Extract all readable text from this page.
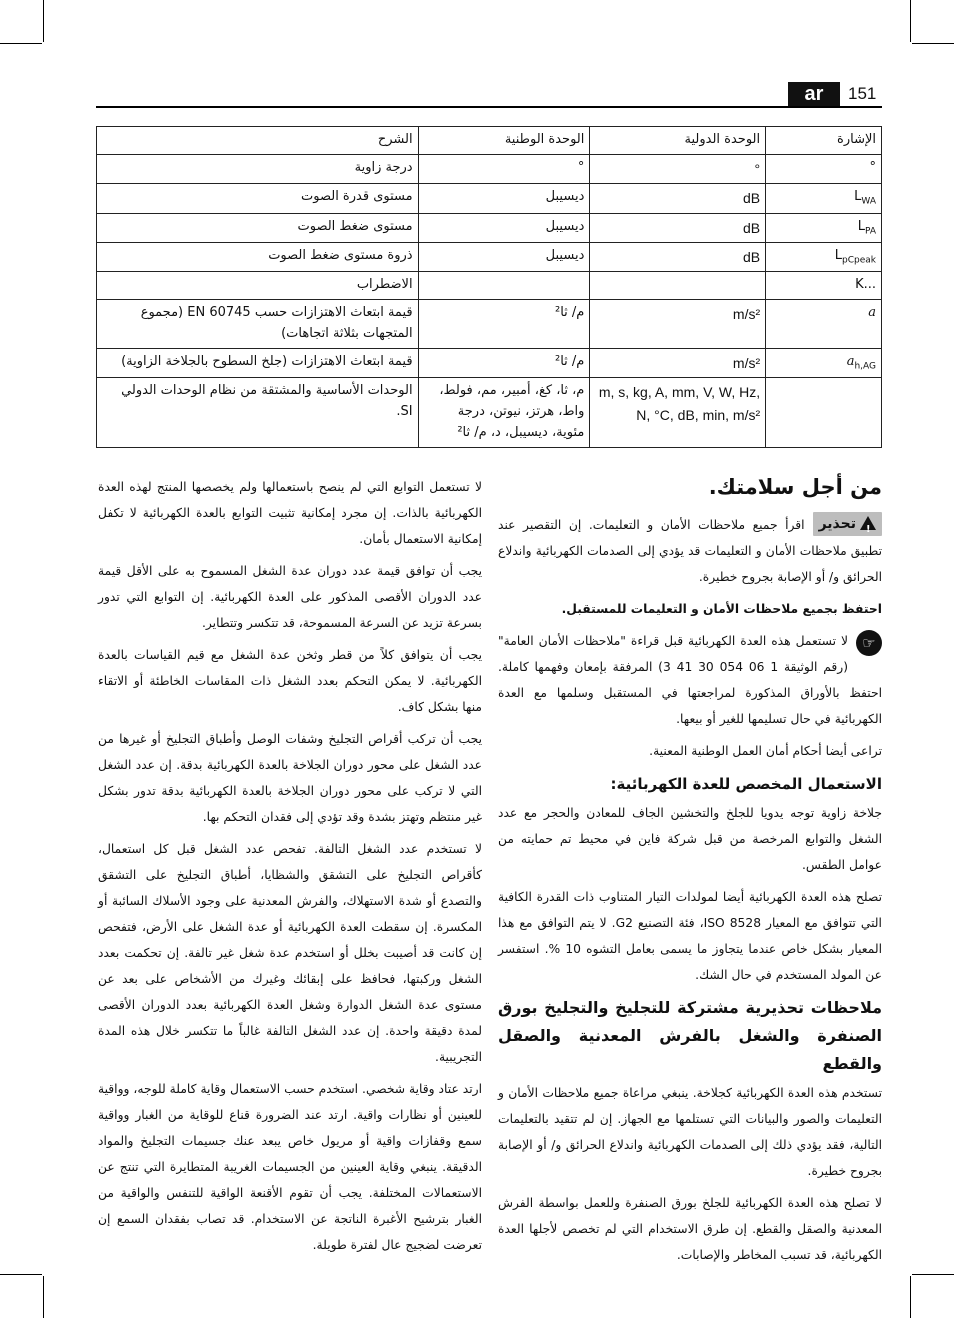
ar	151
الإشارة	الوحدة الدولية	الوحدة الوطنية	الشرح
°	°	°	درجة زاوية
$L_{WA}$	dB	ديسيبل	مستوى قدرة الصوت
$L_{PA}$	dB	ديسيبل	مستوى ضغط الصوت
$L_{pCpeak}$	dB	ديسيبل	ذروة مستوى ضغط الصوت
K...			الاضطراب
a	m/s²	م/ ثا²	قيمة ابتعاث الاهتزازات حسب EN 60745 (مجموع المتجهات بثلاثة اتجاهات)
$a_{h,AG}$	m/s²	م/ ثا²	قيمة ابتعاث الاهتزازات (جلخ السطوح بالجلاخة الزاوية)
	m, s, kg, A, mm, V, W, Hz, N, °C, dB, min, m/s²	م، ثا، كغ، أمبير، مم، فولط، واط، هرتز، نيوتن، درجة مئوية، ديسيبل، د، م/ ثا²	الوحدات الأساسية والمشتقة من نظام الوحدات الدولي SI.
من أجل سلامتك.

!تحذير
اقرأ جميع ملاحظات الأمان و التعليمات. إن التقصير عند تطبيق ملاحظات الأمان و التعليمات قد يؤدي إلى الصدمات الكهربائية واندلاع الحرائق و/ أو الإصابة بجروح خطيرة.

احتفظ بجميع ملاحظات الأمان و التعليمات للمستقبل.

☞
لا تستعمل هذه العدة الكهربائية قبل قراءة "ملاحظات الأمان العامة" (رقم الوثيقة 1 06 054 30 41 3) المرفقة بإمعان وفهمها كاملة. احتفظ بالأوراق المذكورة لمراجعتها في المستقبل وسلمها مع العدة الكهربائية في حال تسليمها للغير أو بيعها.

تراعى أيضا أحكام أمان العمل الوطنية المعنية.

الاستعمال المخصص للعدة الكهربائية:

جلاخة زاوية توجه يدويا للجلخ والتخشين الجاف للمعادن والحجر مع عدد الشغل والتوابع المرخصة من قبل شركة فاين في محيط تم حمايته من عوامل الطقس.

تصلح هذه العدة الكهربائية أيضا لمولدات التيار المتناوب ذات القدرة الكافية التي تتوافق مع المعيار ISO 8528، فئة التصنيع G2. لا يتم التوافق مع هذا المعيار بشكل خاص عندما يتجاوز ما يسمى بعامل التشوه 10 %. استفسر عن المولد المستخدم في حال الشك.

ملاحظات تحذيرية مشتركة للتجليخ والتجليخ بورق الصنفرة والشغل بالفرش المعدنية والصقل والقطع

تستخدم هذه العدة الكهربائية كجلاخة. ينبغي مراعاة جميع ملاحظات الأمان و التعليمات والصور والبيانات التي تستلمها مع الجهاز. إن لم تتقيد بالتعليمات التالية، فقد يؤدي ذلك إلى الصدمات الكهربائية واندلاع الحرائق و/ أو الإصابة بجروح خطيرة.

لا تصلح هذه العدة الكهربائية للجلخ بورق الصنفرة وللعمل بواسطة الفرش المعدنية والصقل والقطع. إن طرق الاستخدام التي لم تخصص لأجلها العدة الكهربائية، قد تسبب المخاطر والإصابات.

لا تستعمل التوابع التي لم ينصح باستعمالها ولم يخصصها المنتج لهذه العدة الكهربائية بالذات. إن مجرد إمكانية تثبيت التوابع بالعدة الكهربائية لا تكفل إمكانية الاستعمال بأمان.

يجب أن توافق قيمة عدد دوران عدة الشغل المسموح به على الأقل قيمة عدد الدوران الأقصى المذكور على العدة الكهربائية. إن التوابع التي تدور بسرعة تزيد عن السرعة المسموحة، قد تتكسر وتتطاير.

يجب أن يتوافق كلاً من قطر وثخن عدة الشغل مع قيم القياسات بالعدة الكهربائية. لا يمكن التحكم بعدد الشغل ذات المقاسات الخاطئة أو الاتقاء منها بشكل كاف.

يجب أن تركب أقراص التجليخ وشفات الوصل وأطباق التجليخ أو غيرها من عدد الشغل على محور دوران الجلاخة بالعدة الكهربائية بدقة. إن عدد الشغل التي لا تركب على محور دوران الجلاخة بالعدة الكهربائية بدقة تدور بشكل غير منتظم وتهتز بشدة وقد تؤدي إلى فقدان التحكم بها.

لا تستخدم عدد الشغل التالفة. تفحص عدد الشغل قبل كل استعمال، كأقراص التجليخ على التشقق والشظايا، أطباق التجليخ على التشقق والتصدع أو شدة الاستهلاك، والفرش المعدنية على وجود الأسلاك السائبة أو المكسرة. إن سقطت العدة الكهربائية أو عدة الشغل على الأرض، فتفحص إن كانت قد أصيبت بخلل أو استخدم عدة شغل غير تالفة. إن تحكمت بعدد الشغل وركبتها، فحافظ على إبقائك وغيرك من الأشخاص على بعد عن مستوى عدة الشغل الدوارة وشغل العدة الكهربائية بعدد الدوران الأقصى لمدة دقيقة واحدة. إن عدد الشغل التالفة غالباً ما تتكسر خلال هذه المدة التجريبية.

ارتد عتاد وقاية شخصي. استخدم حسب الاستعمال وقاية كاملة للوجه، وواقية للعينين أو نظارات واقية. ارتد عند الضرورة قناع للوقاية من الغبار وواقية سمع وقفازات واقية أو مريول خاص يبعد عنك جسيمات التجليخ والمواد الدقيقة. ينبغي وقاية العينين من الجسيمات الغريبة المتطايرة التي تنتج عن الاستعمالات المختلفة. يجب أن تقوم الأقنعة الواقية للتنفس والواقية من الغبار بترشيح الأغبرة الناتجة عن الاستخدام. قد تصاب بفقدان السمع إن تعرضت لضجيج عال لفترة طويلة.
